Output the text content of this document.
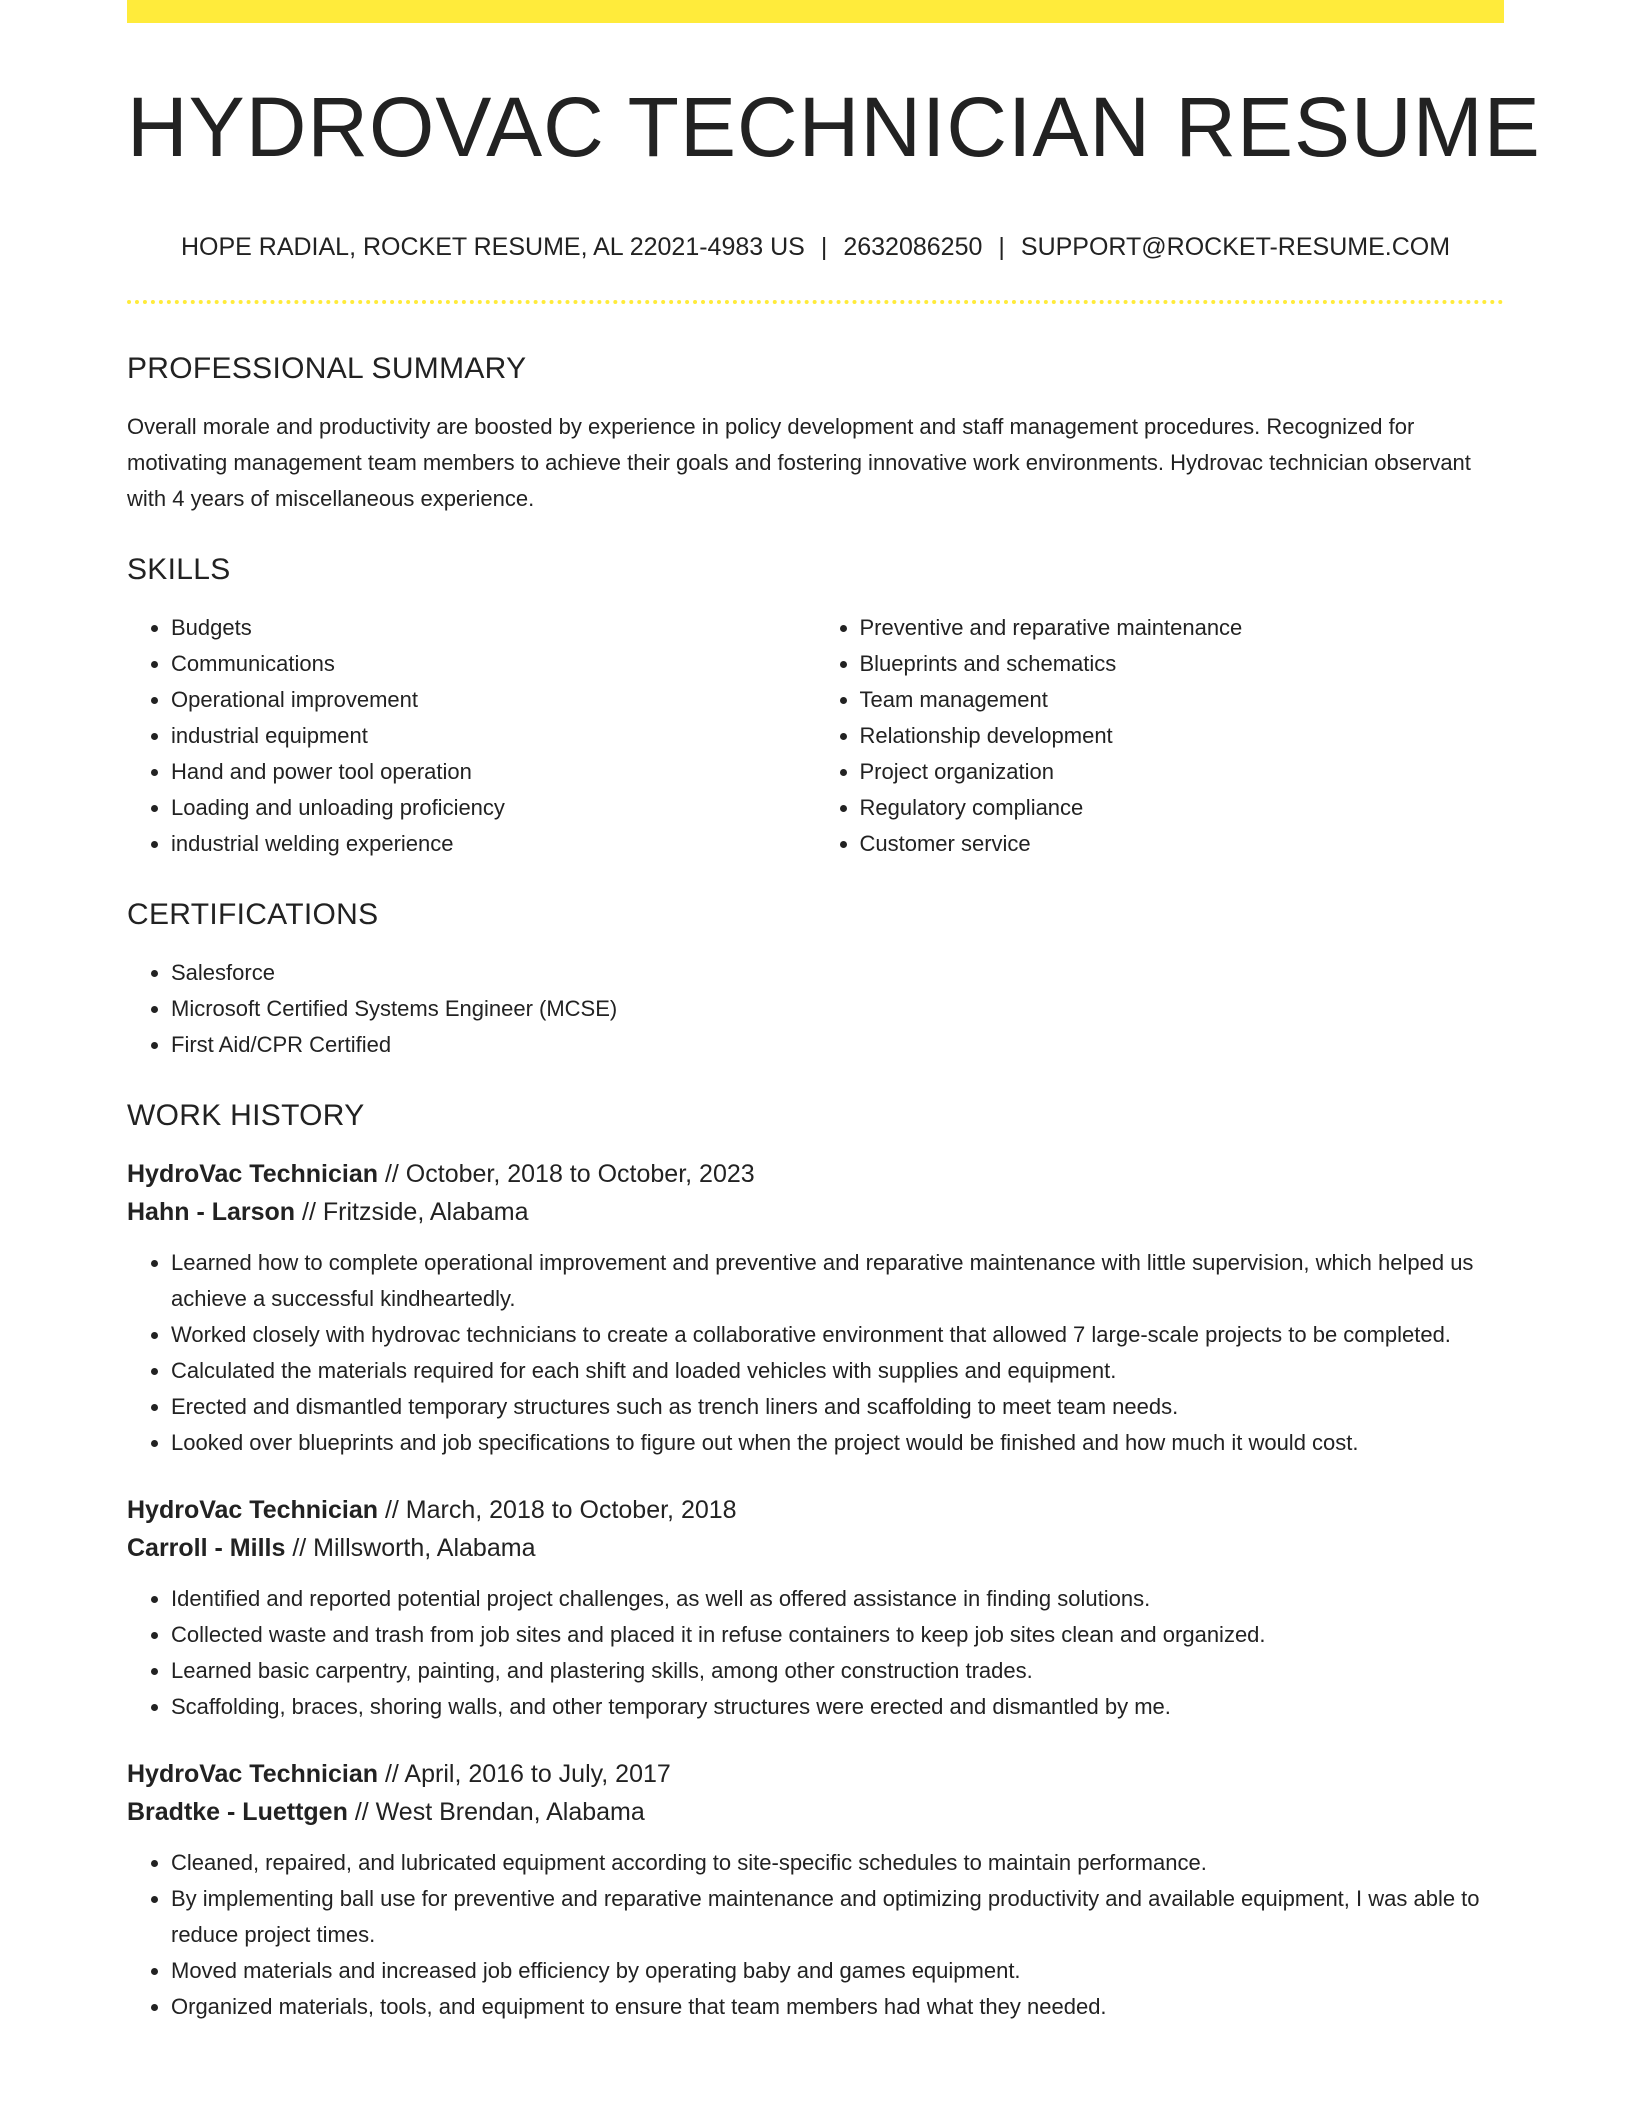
HYDROVAC TECHNICIAN RESUME
HOPE RADIAL, ROCKET RESUME, AL 22021-4983 US | 2632086250 | SUPPORT@ROCKET-RESUME.COM
PROFESSIONAL SUMMARY

Overall morale and productivity are boosted by experience in policy development and staff management procedures. Recognized for motivating management team members to achieve their goals and fostering innovative work environments. Hydrovac technician observant with 4 years of miscellaneous experience.

SKILLS
• Budgets
• Communications
• Operational improvement
• industrial equipment
• Hand and power tool operation
• Loading and unloading proficiency
• industrial welding experience
• Preventive and reparative maintenance
• Blueprints and schematics
• Team management
• Relationship development
• Project organization
• Regulatory compliance
• Customer service
CERTIFICATIONS
• Salesforce
• Microsoft Certified Systems Engineer (MCSE)
• First Aid/CPR Certified
WORK HISTORY
HydroVac Technician // October, 2018 to October, 2023
Hahn - Larson // Fritzside, Alabama
• Learned how to complete operational improvement and preventive and reparative maintenance with little supervision, which helped us achieve a successful kindheartedly.
• Worked closely with hydrovac technicians to create a collaborative environment that allowed 7 large-scale projects to be completed.
• Calculated the materials required for each shift and loaded vehicles with supplies and equipment.
• Erected and dismantled temporary structures such as trench liners and scaffolding to meet team needs.
• Looked over blueprints and job specifications to figure out when the project would be finished and how much it would cost.
HydroVac Technician // March, 2018 to October, 2018
Carroll - Mills // Millsworth, Alabama
• Identified and reported potential project challenges, as well as offered assistance in finding solutions.
• Collected waste and trash from job sites and placed it in refuse containers to keep job sites clean and organized.
• Learned basic carpentry, painting, and plastering skills, among other construction trades.
• Scaffolding, braces, shoring walls, and other temporary structures were erected and dismantled by me.
HydroVac Technician // April, 2016 to July, 2017
Bradtke - Luettgen // West Brendan, Alabama
• Cleaned, repaired, and lubricated equipment according to site-specific schedules to maintain performance.
• By implementing ball use for preventive and reparative maintenance and optimizing productivity and available equipment, I was able to reduce project times.
• Moved materials and increased job efficiency by operating baby and games equipment.
• Organized materials, tools, and equipment to ensure that team members had what they needed.
